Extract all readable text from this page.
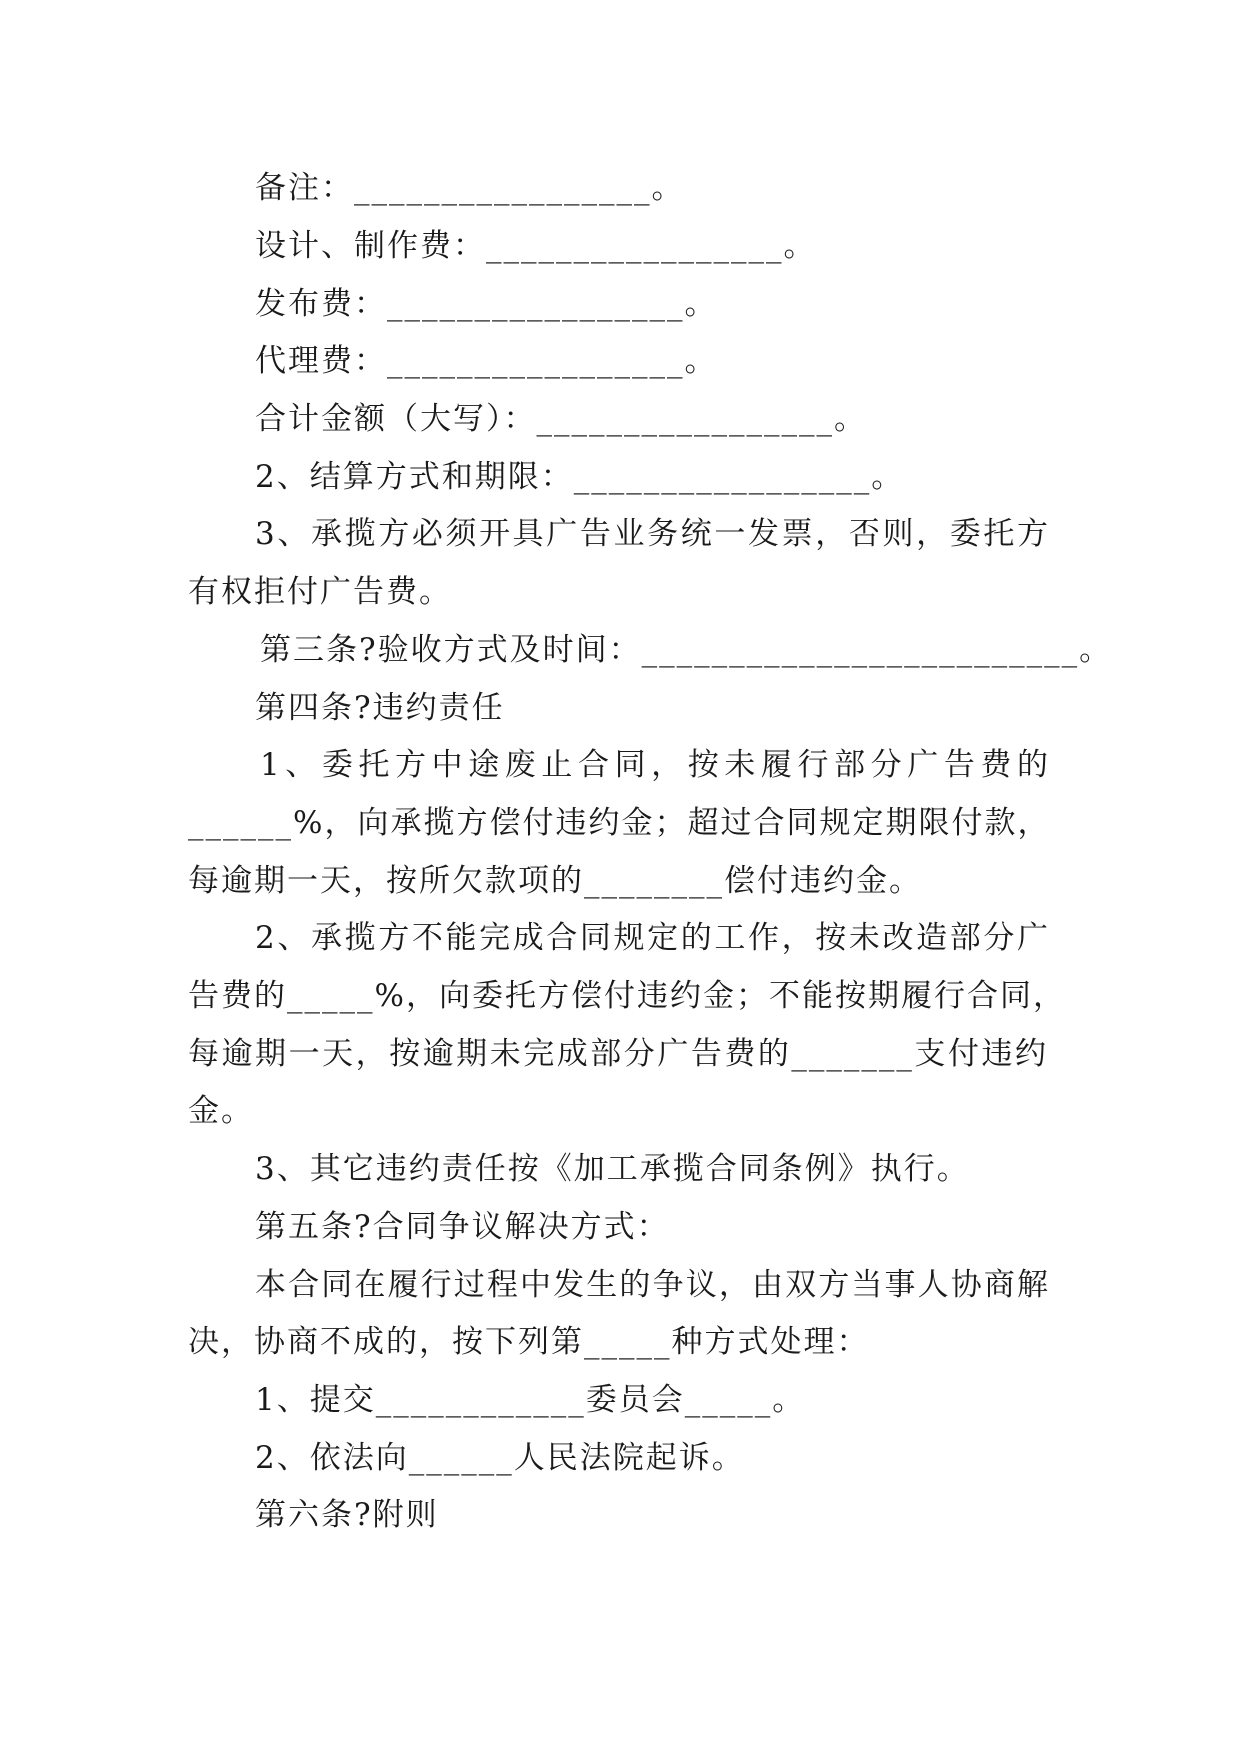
备注：_________________。
设计、制作费：_________________。
发布费：_________________。
代理费：_________________。
合计金额（大写）：_________________。
2、结算方式和期限：_________________。
3、承揽方必须开具广告业务统一发票，否则，委托方
有权拒付广告费。
第三条?验收方式及时间：_________________________。
第四条?违约责任
1、委托方中途废止合同，按未履行部分广告费的
______%，向承揽方偿付违约金；超过合同规定期限付款，
每逾期一天，按所欠款项的________偿付违约金。
2、承揽方不能完成合同规定的工作，按未改造部分广
告费的_____%，向委托方偿付违约金；不能按期履行合同，
每逾期一天，按逾期未完成部分广告费的_______支付违约
金。
3、其它违约责任按《加工承揽合同条例》执行。
第五条?合同争议解决方式：
本合同在履行过程中发生的争议，由双方当事人协商解
决，协商不成的，按下列第_____种方式处理：
1、提交____________委员会_____。
2、依法向______人民法院起诉。
第六条?附则
